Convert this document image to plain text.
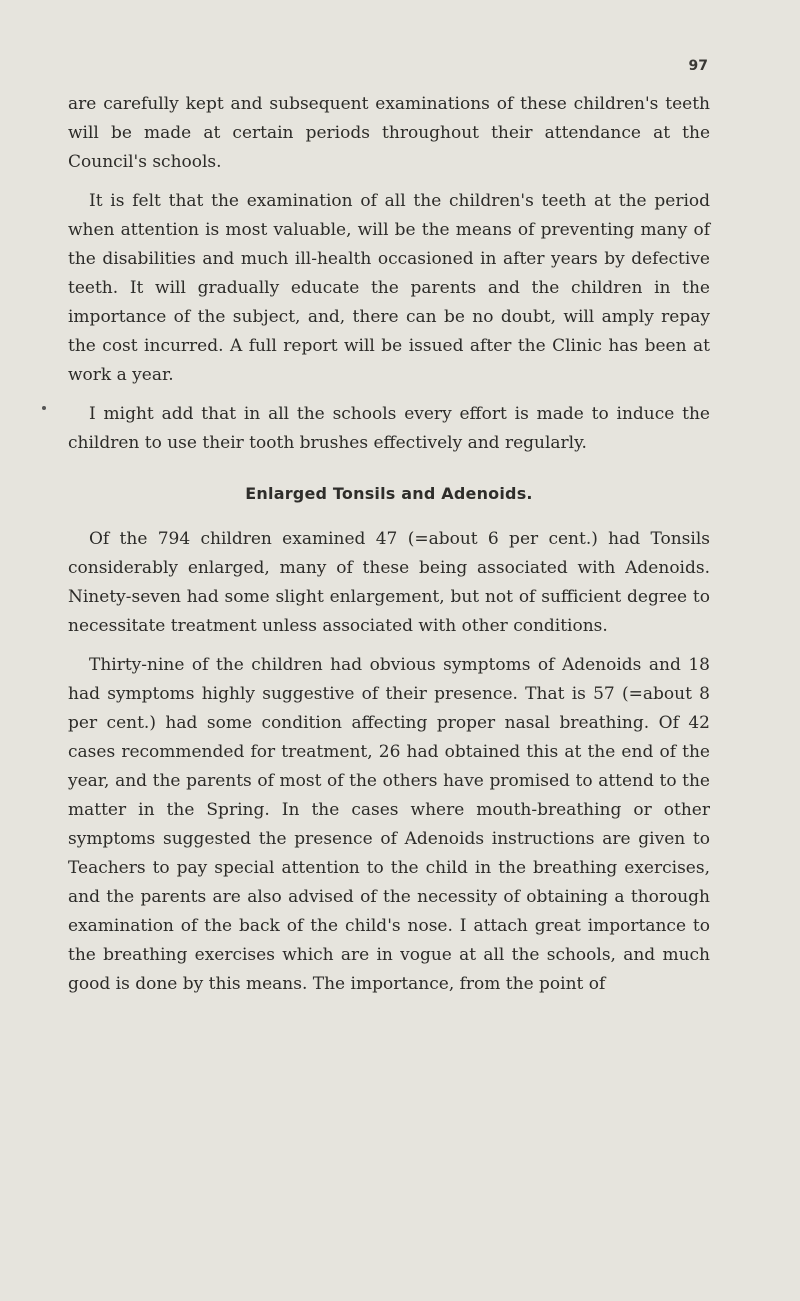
97

are carefully kept and subsequent examinations of these children's teeth will be made at certain periods throughout their attendance at the Council's schools.

It is felt that the examination of all the children's teeth at the period when attention is most valuable, will be the means of preventing many of the disabilities and much ill-health occasioned in after years by defective teeth. It will gradually educate the parents and the children in the importance of the subject, and, there can be no doubt, will amply repay the cost incurred. A full report will be issued after the Clinic has been at work a year.

I might add that in all the schools every effort is made to induce the children to use their tooth brushes effectively and regularly.

Enlarged Tonsils and Adenoids.

Of the 794 children examined 47 (=about 6 per cent.) had Tonsils considerably enlarged, many of these being associated with Adenoids. Ninety-seven had some slight enlargement, but not of sufficient degree to necessitate treatment unless associated with other conditions.

Thirty-nine of the children had obvious symptoms of Adenoids and 18 had symptoms highly suggestive of their presence. That is 57 (=about 8 per cent.) had some condition affecting proper nasal breathing. Of 42 cases recommended for treatment, 26 had obtained this at the end of the year, and the parents of most of the others have promised to attend to the matter in the Spring. In the cases where mouth-breathing or other symptoms suggested the presence of Adenoids instructions are given to Teachers to pay special attention to the child in the breathing exercises, and the parents are also advised of the necessity of obtaining a thorough examination of the back of the child's nose. I attach great importance to the breathing exercises which are in vogue at all the schools, and much good is done by this means. The importance, from the point of
